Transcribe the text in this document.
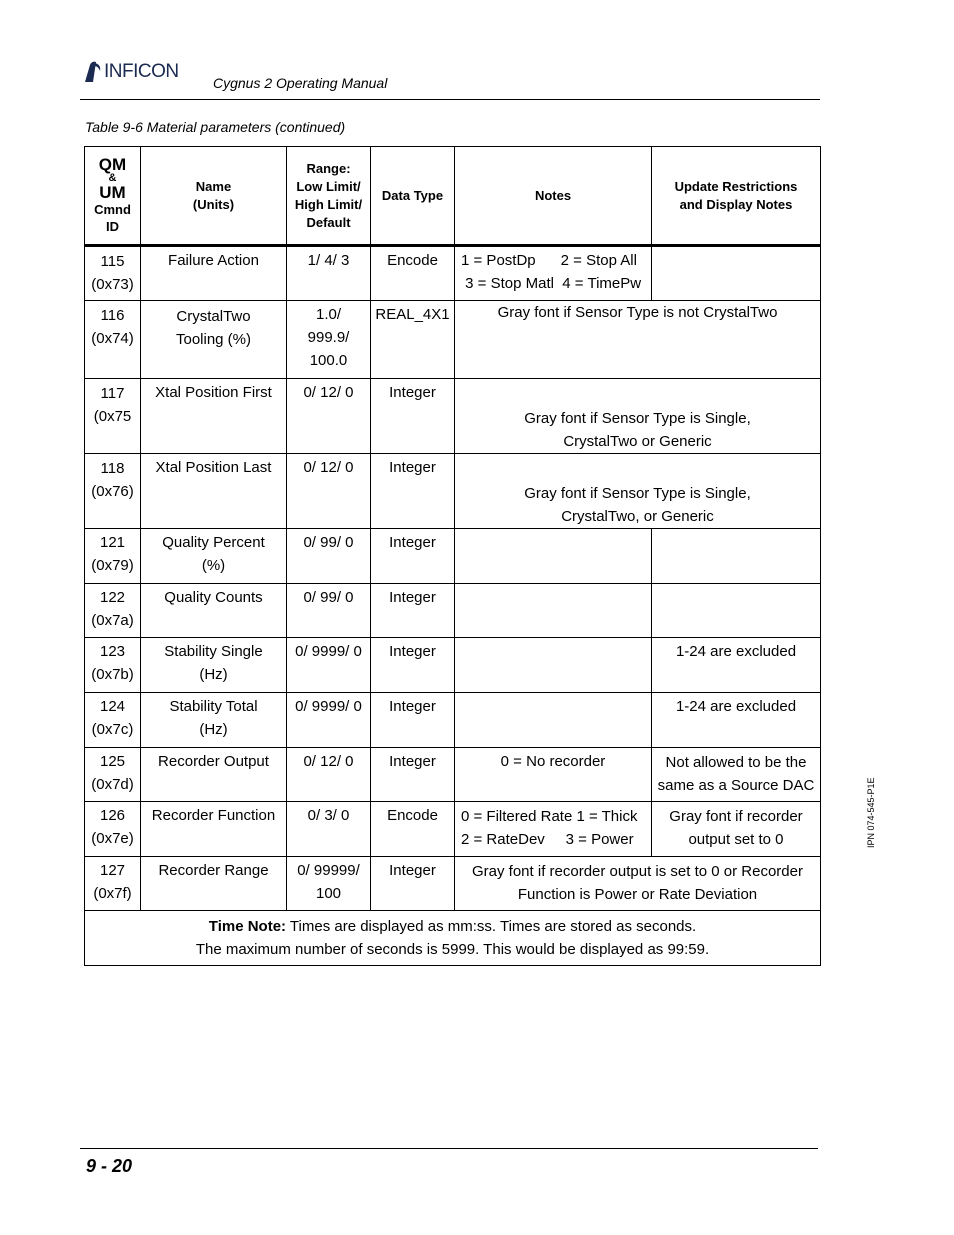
INFICON
Cygnus 2 Operating Manual
Table 9-6 Material parameters (continued)
QM
&
UM
Cmnd
ID	Name
(Units)	Range:
Low Limit/
High Limit/
Default	Data Type	Notes	Update Restrictions
and Display Notes
115
(0x73)	Failure Action	1/ 4/ 3	Encode	1 = PostDp      2 = Stop All
3 = Stop Matl  4 = TimePw	

116
(0x74)	CrystalTwo
Tooling (%)	1.0/
999.9/
100.0	REAL_4X1	Gray font if Sensor Type is not CrystalTwo	
117
(0x75	Xtal Position First	0/ 12/ 0	Integer	Gray font if Sensor Type is Single,
CrystalTwo or Generic	
118
(0x76)	Xtal Position Last	0/ 12/ 0	Integer	Gray font if Sensor Type is Single,
CrystalTwo, or Generic	
121
(0x79)	Quality Percent
(%)	0/ 99/ 0	Integer		
122
(0x7a)	Quality Counts	0/ 99/ 0	Integer		
123
(0x7b)	Stability Single
(Hz)	0/ 9999/ 0	Integer		1-24 are excluded
124
(0x7c)	Stability Total
(Hz)	0/ 9999/ 0	Integer		1-24 are excluded
125
(0x7d)	Recorder Output	0/ 12/ 0	Integer	0 = No recorder	Not allowed to be the
same as a Source DAC
126
(0x7e)	Recorder Function	0/ 3/ 0	Encode	0 = Filtered Rate 1 = Thick
2 = RateDev     3 = Power	Gray font if recorder
output set to 0
127
(0x7f)	Recorder Range	0/ 99999/
100	Integer	Gray font if recorder output is set to 0 or Recorder
Function is Power or Rate Deviation	
Time Note: Times are displayed as mm:ss. Times are stored as seconds.
The maximum number of seconds is 5999. This would be displayed as 99:59.					
IPN 074-545-P1E
9 - 20
